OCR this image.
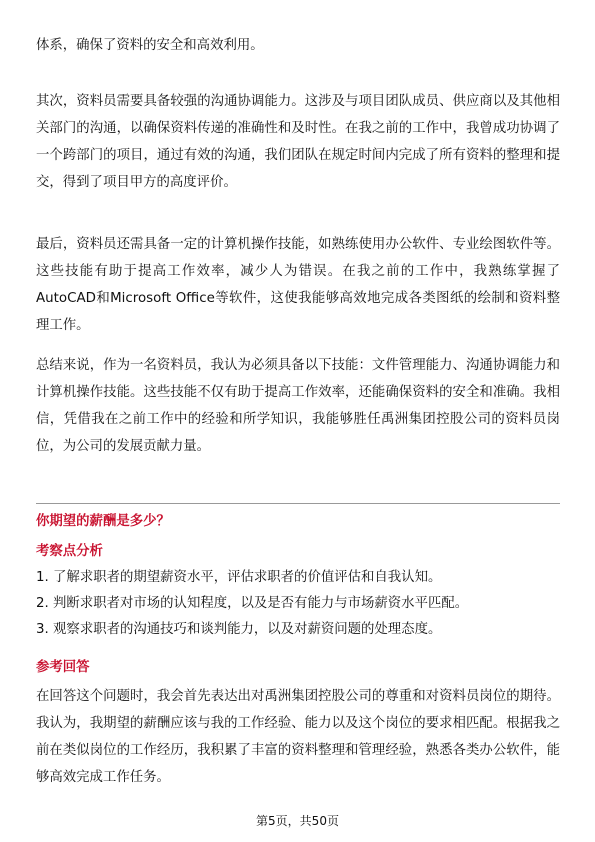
体系，确保了资料的安全和高效利用。

其次，资料员需要具备较强的沟通协调能力。这涉及与项目团队成员、供应商以及其他相关部门的沟通，以确保资料传递的准确性和及时性。在我之前的工作中，我曾成功协调了一个跨部门的项目，通过有效的沟通，我们团队在规定时间内完成了所有资料的整理和提交，得到了项目甲方的高度评价。

最后，资料员还需具备一定的计算机操作技能，如熟练使用办公软件、专业绘图软件等。这些技能有助于提高工作效率，减少人为错误。在我之前的工作中，我熟练掌握了AutoCAD和Microsoft Office等软件，这使我能够高效地完成各类图纸的绘制和资料整理工作。

总结来说，作为一名资料员，我认为必须具备以下技能：文件管理能力、沟通协调能力和计算机操作技能。这些技能不仅有助于提高工作效率，还能确保资料的安全和准确。我相信，凭借我在之前工作中的经验和所学知识，我能够胜任禹洲集团控股公司的资料员岗位，为公司的发展贡献力量。

你期望的薪酬是多少？

考察点分析

1. 了解求职者的期望薪资水平，评估求职者的价值评估和自我认知。
2. 判断求职者对市场的认知程度，以及是否有能力与市场薪资水平匹配。
3. 观察求职者的沟通技巧和谈判能力，以及对薪资问题的处理态度。

参考回答

在回答这个问题时，我会首先表达出对禹洲集团控股公司的尊重和对资料员岗位的期待。我认为，我期望的薪酬应该与我的工作经验、能力以及这个岗位的要求相匹配。根据我之前在类似岗位的工作经历，我积累了丰富的资料整理和管理经验，熟悉各类办公软件，能够高效完成工作任务。

第5页，共50页
